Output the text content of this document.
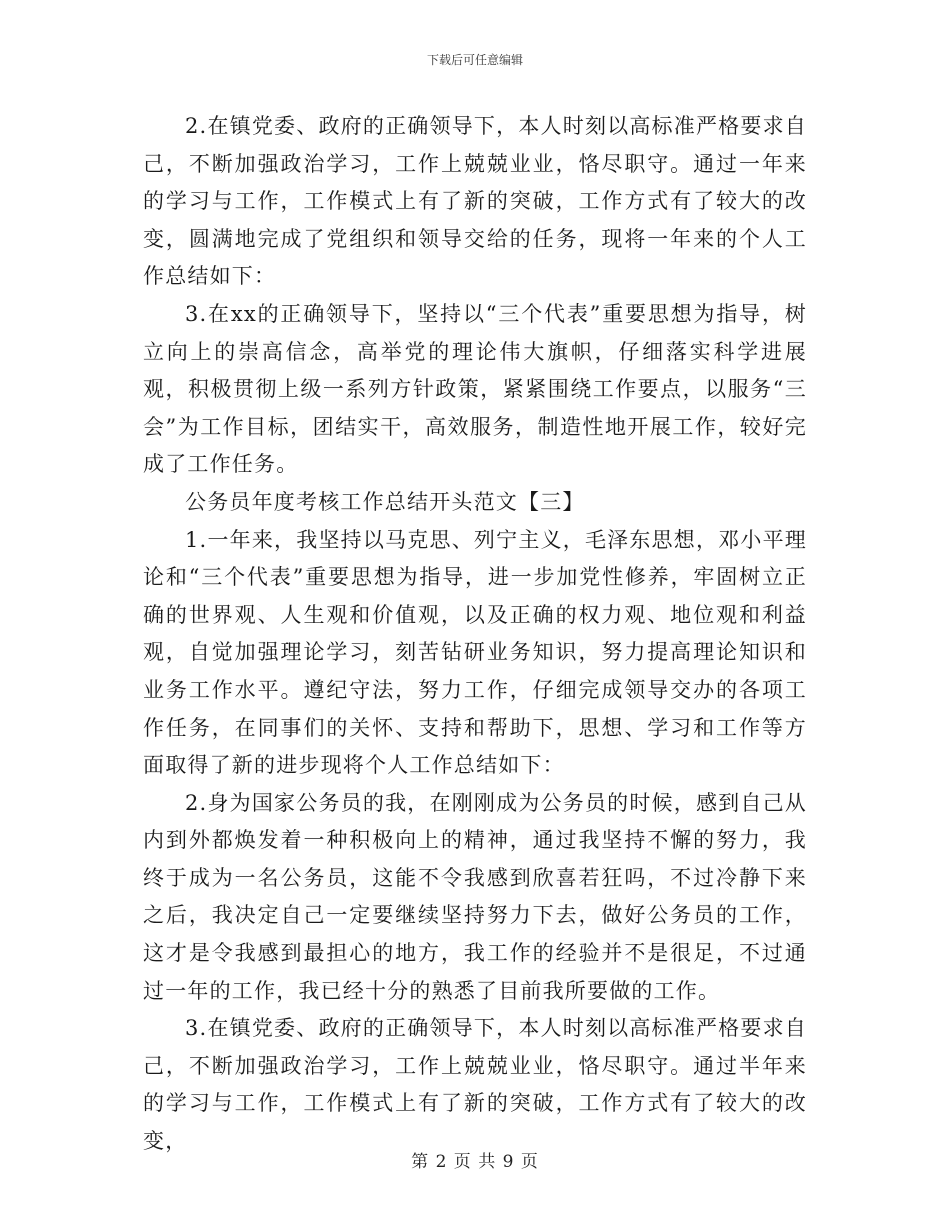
下载后可任意编辑

2.在镇党委、政府的正确领导下，本人时刻以高标准严格要求自己，不断加强政治学习，工作上兢兢业业，恪尽职守。通过一年来的学习与工作，工作模式上有了新的突破，工作方式有了较大的改变，圆满地完成了党组织和领导交给的任务，现将一年来的个人工作总结如下：

3.在xx的正确领导下，坚持以“三个代表”重要思想为指导，树立向上的崇高信念，高举党的理论伟大旗帜，仔细落实科学进展观，积极贯彻上级一系列方针政策，紧紧围绕工作要点，以服务“三会”为工作目标，团结实干，高效服务，制造性地开展工作，较好完成了工作任务。

公务员年度考核工作总结开头范文【三】

1.一年来，我坚持以马克思、列宁主义，毛泽东思想，邓小平理论和“三个代表”重要思想为指导，进一步加党性修养，牢固树立正确的世界观、人生观和价值观，以及正确的权力观、地位观和利益观，自觉加强理论学习，刻苦钻研业务知识，努力提高理论知识和业务工作水平。遵纪守法，努力工作，仔细完成领导交办的各项工作任务，在同事们的关怀、支持和帮助下，思想、学习和工作等方面取得了新的进步现将个人工作总结如下：

2.身为国家公务员的我，在刚刚成为公务员的时候，感到自己从内到外都焕发着一种积极向上的精神，通过我坚持不懈的努力，我终于成为一名公务员，这能不令我感到欣喜若狂吗，不过冷静下来之后，我决定自己一定要继续坚持努力下去，做好公务员的工作，这才是令我感到最担心的地方，我工作的经验并不是很足，不过通过一年的工作，我已经十分的熟悉了目前我所要做的工作。

3.在镇党委、政府的正确领导下，本人时刻以高标准严格要求自己，不断加强政治学习，工作上兢兢业业，恪尽职守。通过半年来的学习与工作，工作模式上有了新的突破，工作方式有了较大的改变，

第 2 页 共 9 页
